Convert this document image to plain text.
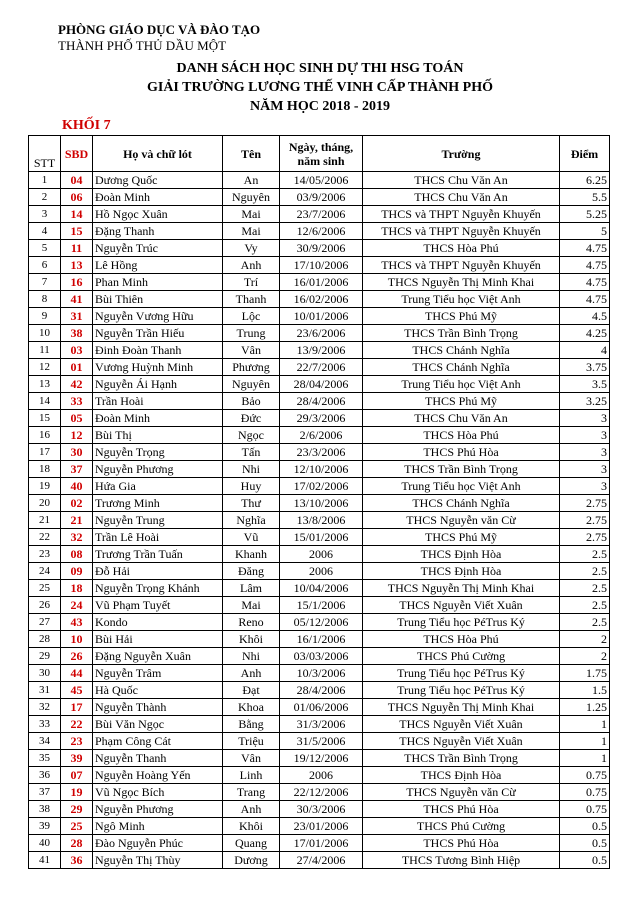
PHÒNG GIÁO DỤC VÀ ĐÀO TẠO
THÀNH PHỐ THỦ DẦU MỘT
DANH SÁCH HỌC SINH DỰ THI HSG TOÁN
GIẢI TRƯỜNG LƯƠNG THẾ VINH CẤP THÀNH PHỐ
NĂM HỌC 2018 - 2019
KHỐI 7
STT	SBD	Họ và chữ lót	Tên	Ngày, tháng, năm sinh	Trường	Điểm
1	04	Dương Quốc	An	14/05/2006	THCS Chu Văn An	6.25
2	06	Đoàn Minh	Nguyên	03/9/2006	THCS Chu Văn An	5.5
3	14	Hồ Ngọc Xuân	Mai	23/7/2006	THCS và THPT Nguyễn Khuyến	5.25
4	15	Đặng Thanh	Mai	12/6/2006	THCS và THPT Nguyễn Khuyến	5
5	11	Nguyễn Trúc	Vy	30/9/2006	THCS Hòa Phú	4.75
6	13	Lê Hồng	Anh	17/10/2006	THCS và THPT Nguyễn Khuyến	4.75
7	16	Phan Minh	Trí	16/01/2006	THCS Nguyễn Thị Minh Khai	4.75
8	41	Bùi Thiên	Thanh	16/02/2006	Trung Tiểu học Việt Anh	4.75
9	31	Nguyễn Vương Hữu	Lộc	10/01/2006	THCS Phú Mỹ	4.5
10	38	Nguyễn Trần Hiếu	Trung	23/6/2006	THCS Trần Bình Trọng	4.25
11	03	Đinh Đoàn Thanh	Vân	13/9/2006	THCS Chánh Nghĩa	4
12	01	Vương Huỳnh Minh	Phương	22/7/2006	THCS Chánh Nghĩa	3.75
13	42	Nguyễn Ái Hạnh	Nguyên	28/04/2006	Trung Tiểu học Việt Anh	3.5
14	33	Trần Hoài	Bảo	28/4/2006	THCS Phú Mỹ	3.25
15	05	Đoàn Minh	Đức	29/3/2006	THCS Chu Văn An	3
16	12	Bùi Thị	Ngọc	2/6/2006	THCS Hòa Phú	3
17	30	Nguyễn Trọng	Tấn	23/3/2006	THCS Phú Hòa	3
18	37	Nguyễn Phương	Nhi	12/10/2006	THCS Trần Bình Trọng	3
19	40	Hứa Gia	Huy	17/02/2006	Trung Tiểu học Việt Anh	3
20	02	Trương Minh	Thư	13/10/2006	THCS Chánh Nghĩa	2.75
21	21	Nguyễn Trung	Nghĩa	13/8/2006	THCS Nguyễn văn Cừ	2.75
22	32	Trần Lê Hoài	Vũ	15/01/2006	THCS Phú Mỹ	2.75
23	08	Trương Trần Tuấn	Khanh	2006	THCS Định Hòa	2.5
24	09	Đỗ Hải	Đăng	2006	THCS Định Hòa	2.5
25	18	Nguyễn Trọng Khánh	Lâm	10/04/2006	THCS Nguyễn Thị Minh Khai	2.5
26	24	Vũ Phạm Tuyết	Mai	15/1/2006	THCS Nguyễn Viết Xuân	2.5
27	43	Kondo	Reno	05/12/2006	Trung Tiểu học PéTrus Ký	2.5
28	10	Bùi Hải	Khôi	16/1/2006	THCS Hòa Phú	2
29	26	Đặng Nguyễn Xuân	Nhi	03/03/2006	THCS Phú Cường	2
30	44	Nguyễn Trâm	Anh	10/3/2006	Trung Tiểu học PéTrus Ký	1.75
31	45	Hà Quốc	Đạt	28/4/2006	Trung Tiểu học PéTrus Ký	1.5
32	17	Nguyễn Thành	Khoa	01/06/2006	THCS Nguyễn Thị Minh Khai	1.25
33	22	Bùi Văn Ngọc	Bằng	31/3/2006	THCS Nguyễn Viết Xuân	1
34	23	Phạm Công Cát	Triệu	31/5/2006	THCS Nguyễn Viết Xuân	1
35	39	Nguyễn Thanh	Vân	19/12/2006	THCS Trần Bình Trọng	1
36	07	Nguyễn Hoàng Yến	Linh	2006	THCS Định Hòa	0.75
37	19	Vũ Ngọc Bích	Trang	22/12/2006	THCS Nguyễn văn Cừ	0.75
38	29	Nguyễn Phương	Anh	30/3/2006	THCS Phú Hòa	0.75
39	25	Ngô Minh	Khôi	23/01/2006	THCS Phú Cường	0.5
40	28	Đào Nguyễn Phúc	Quang	17/01/2006	THCS Phú Hòa	0.5
41	36	Nguyễn Thị Thùy	Dương	27/4/2006	THCS Tương Bình Hiệp	0.5
